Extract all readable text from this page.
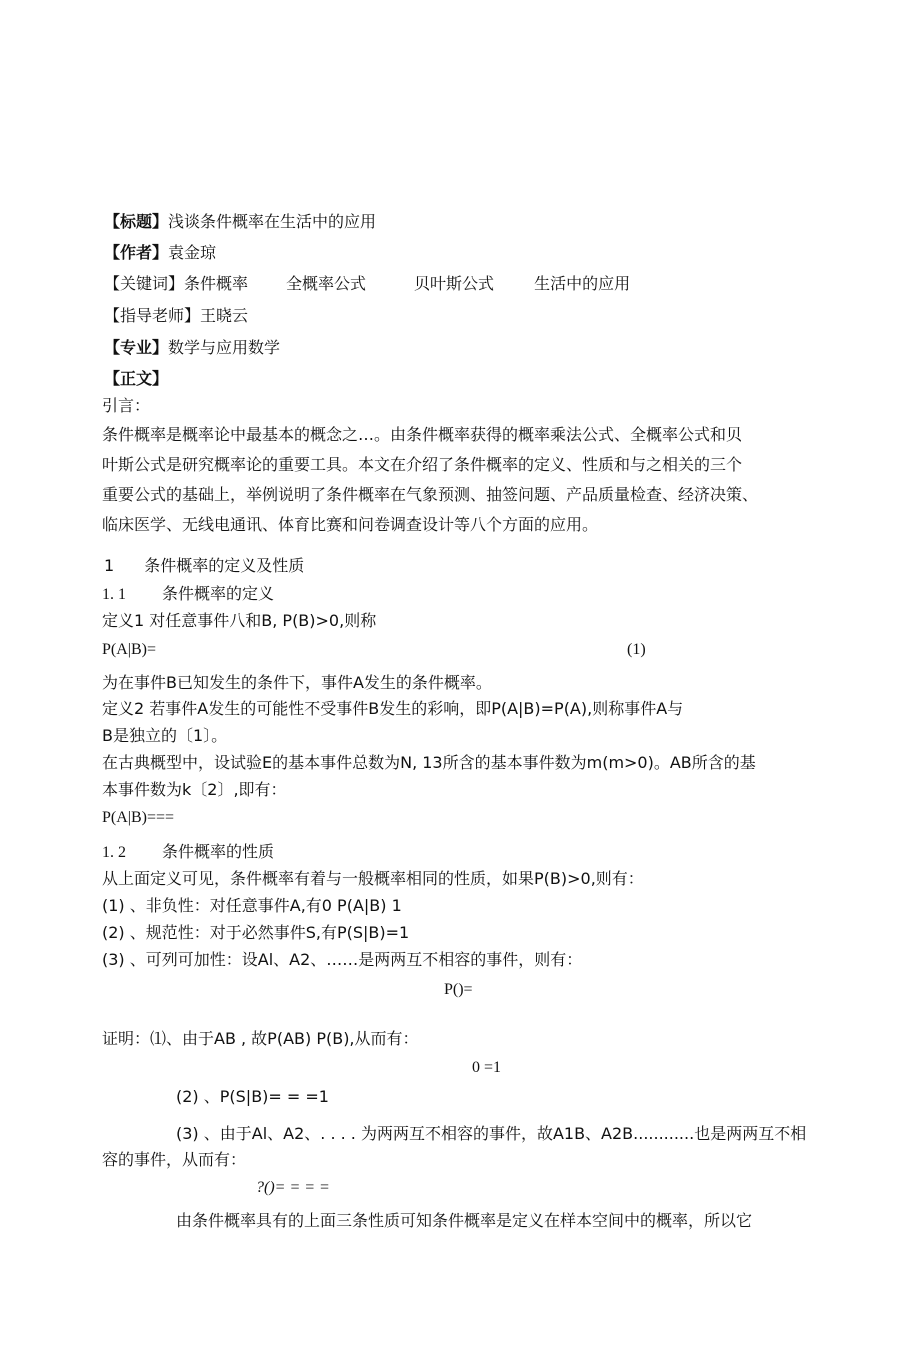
【标题】浅谈条件概率在生活中的应用
【作者】袁金琼
【关键词】条件概率 全概率公式	贝叶斯公式	生活中的应用
【指导老师】王晓云
【专业】数学与应用数学
【正文】
引言：
条件概率是概率论中最基本的概念之…。由条件概率获得的概率乘法公式、全概率公式和贝
叶斯公式是研究概率论的重要工具。本文在介绍了条件概率的定义、性质和与之相关的三个
重要公式的基础上，举例说明了条件概率在气象预测、抽签问题、产品质量检查、经济决策、
临床医学、无线电通讯、体育比赛和问卷调查设计等八个方面的应用。
1 条件概率的定义及性质
1. 1 条件概率的定义
定义1 对任意事件八和B, P(B)>0,则称
P(A|B)=	(1)
为在事件B已知发生的条件下，事件A发生的条件概率。
定义2 若事件A发生的可能性不受事件B发生的彩响，即P(A|B)=P(A),则称事件A与
B是独立的〔1〕。
在古典概型中，设试验E的基本事件总数为N, 13所含的基本事件数为m(m>0)。AB所含的基
本事件数为k〔2〕,即有：
P(A|B)===
1. 2 条件概率的性质
从上面定义可见，条件概率有着与一般概率相同的性质，如果P(B)>0,则有：
(1) 、非负性：对任意事件A,有0 P(A|B) 1
(2) 、规范性：对于必然事件S,有P(S|B)=1
(3) 、可列可加性：设Al、A2、……是两两互不相容的事件，则有：
P()=
证明：⑴、由于AB , 故P(AB) P(B),从而有：
0 =1
(2) 、P(S|B)= = =1
(3) 、由于Al、A2、. . . . 为两两互不相容的事件，故A1B、A2B............也是两两互不相
容的事件，从而有：
?()= = = =
由条件概率具有的上面三条性质可知条件概率是定义在样本空间中的概率，所以它
